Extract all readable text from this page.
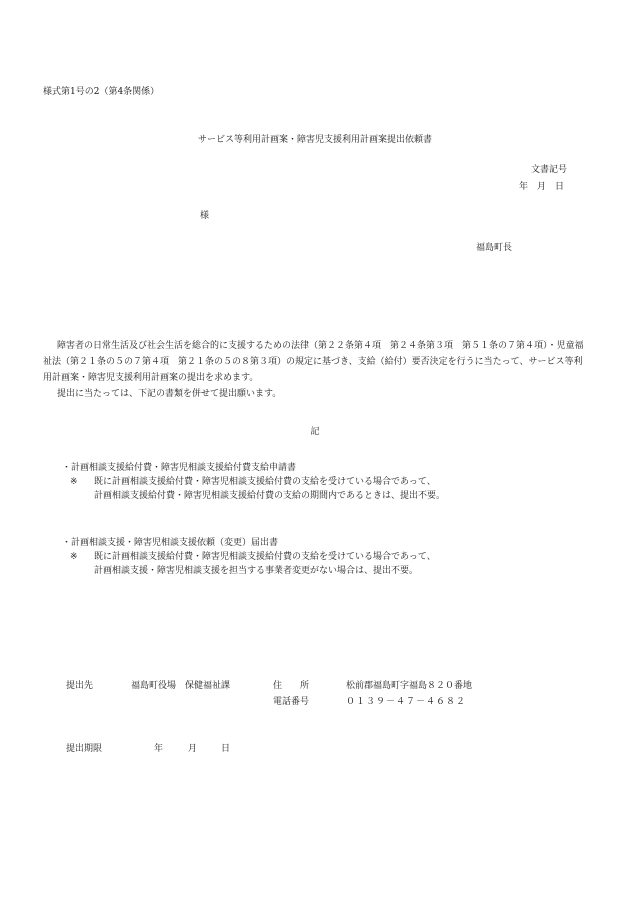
様式第1号の2（第4条関係）
サービス等利用計画案・障害児支援利用計画案提出依頼書
文書記号
年　月　日
様
福島町長

障害者の日常生活及び社会生活を総合的に支援するための法律（第２２条第４項　第２４条第３項　第５１条の７第４項）・児童福祉法（第２１条の５の７第４項　第２１条の５の８第３項）の規定に基づき、支給（給付）要否決定を行うに当たって、サービス等利用計画案・障害児支援利用計画案の提出を求めます。

提出に当たっては、下記の書類を併せて提出願います。

記
・計画相談支援給付費・障害児相談支援給付費支給申請書
※ 既に計画相談支援給付費・障害児相談支援給付費の支給を受けている場合であって、
計画相談支援給付費・障害児相談支援給付費の支給の期間内であるときは、提出不要。
・計画相談支援・障害児相談支援依頼（変更）届出書
※ 既に計画相談支援給付費・障害児相談支援給付費の支給を受けている場合であって、
計画相談支援・障害児相談支援を担当する事業者変更がない場合は、提出不要。
提出先	福島町役場　保健福祉課	住　　所	松前郡福島町字福島８２０番地
電話番号	０１３９－４７－４６８２
提出期限	年	月	日
